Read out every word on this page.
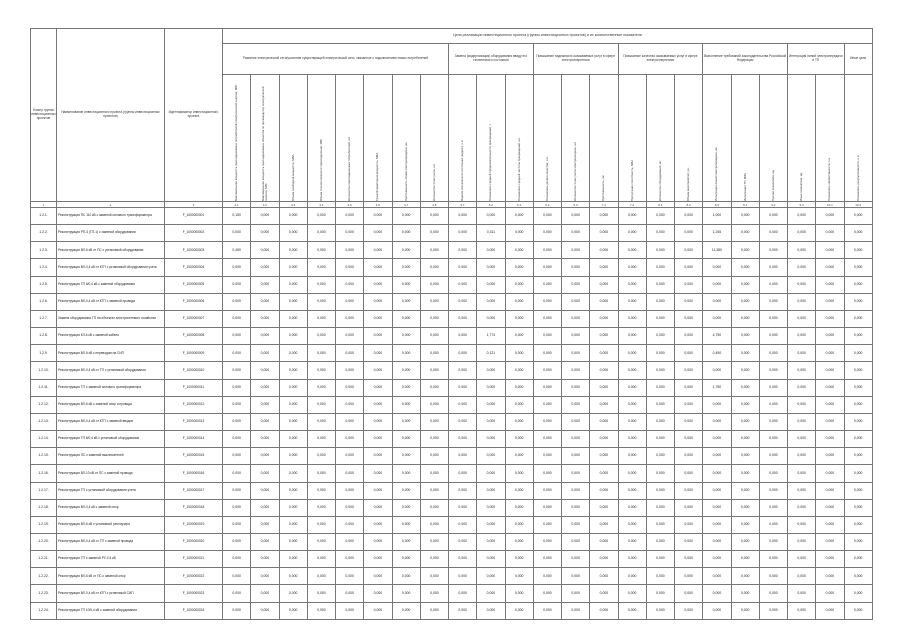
Номер группы инвестиционных проектов	Наименование инвестиционного проекта (группы инвестиционных проектов)	Идентификатор инвестиционного проекта	Цели реализации инвестиционного проекта (группы инвестиционных проектов) и их количественные показатели																						
			Развитие электрической сети/усиление существующей электрической сети, связанное с подключением новых потребителей								Замена (модернизация) оборудования ввиду его технического состояния			Повышение надежности оказываемых услуг в сфере электроэнергетики			Повышение качества оказываемых услуг в сфере электроэнергетики			Выполнение требований законодательства Российской Федерации			Интеграция линий электропередачи и ТП		Иные цели

			Максимальная мощность присоединяемых потребителей электрической энергии, МВт	Максимальная мощность присоединяемых объектов по производству электрической энергии, МВт	Объем свободной мощности, МВА	Объем технологического присоединения, МВт	Количество присоединяемых потребителей, шт.	Трансформаторная мощность, МВА	Протяженность линий электропередачи, км	Количество точек учета, шт.	Оценка технического состояния (индекс), о.е.	Показатель средней продолжительности прекращений, ч	Показатель средней частоты прекращений, шт.	Показатель уровня качества, о.е.	Количество точек учета электроэнергии, шт.	Протяженность, км	Пропускная способность, МВА	Количество оборудования, шт.	Объем мероприятий, у.е.	Интеграция линий электропередачи, км	Интеграция ТП, МВА	Прочие показатели, ед.	Иные показатели, ед.	Показатель эффективности, о.е.	Показатель результативности, о.е.

1	2	3	4.1	4.2	4.3	4.4	4.5	4.6	4.7	4.8	5.1	5.2	6.1	6.2	6.3	7.1	7.2	8.1	8.2	8.3	9.1	9.2	9.3	10.1	10.2
1.2.1.	Реконструкция ПС 110 кВ с заменой силового трансформатора	F_1000000001	0,150	0,000	0,000	0,000	0,000	0,000	0,000	0,000	0,000	0,000	0,000	0,000	0,000	0,000	0,000	0,000	0,000	1,000	0,000	0,000	0,000	0,000	0,000
1.2.2.	Реконструкция РП-4 (ТП-1) с заменой оборудования	F_1000000002	0,000	0,000	0,000	0,000	0,000	0,000	0,000	0,000	0,000	0,311	0,000	0,000	0,000	0,000	0,000	0,000	0,000	1,245	0,000	0,000	0,000	0,000	0,000
1.2.3.	Реконструкция ВЛ-6 кВ от ПС с установкой оборудования	F_1000000003	0,450	0,000	0,000	0,000	0,000	0,000	0,000	0,000	0,000	0,000	0,000	0,000	0,000	0,000	0,000	0,000	0,000	11,380	0,000	0,000	0,000	0,000	0,000
1.2.4.	Реконструкция ВЛ-0,4 кВ от КТП с установкой оборудования учета	F_1000000004	0,000	0,000	0,000	0,000	0,000	0,000	0,000	0,000	0,000	0,000	0,000	0,000	0,000	0,000	0,000	0,000	0,000	0,000	0,000	0,000	0,000	0,000	0,000
1.2.5.	Реконструкция ТП 6/0,4 кВ с заменой оборудования	F_1000000005	0,000	0,000	0,000	0,000	0,000	0,000	0,000	0,000	0,000	0,000	0,000	0,000	0,000	0,000	0,000	0,000	0,000	0,000	0,000	0,000	0,000	0,000	0,000
1.2.6.	Реконструкция ВЛ-0,4 кВ от КТП с заменой провода	F_1000000006	0,000	0,000	0,000	0,000	0,000	0,000	0,000	0,000	0,000	0,000	0,000	0,000	0,000	0,000	0,000	0,000	0,000	0,000	0,000	0,000	0,000	0,000	0,000
1.2.7.	Замена оборудования ТП на объектах электросетевого хозяйства	F_1000000007	0,000	0,000	0,000	0,000	0,000	0,000	0,000	0,000	0,000	0,000	0,000	0,000	0,000	0,000	0,000	0,000	0,000	0,000	0,000	0,000	0,000	0,000	0,000
1.2.8.	Реконструкция КЛ-6 кВ с заменой кабеля	F_1000000008	0,000	0,000	0,000	0,000	0,000	0,000	0,000	0,000	0,000	1,774	0,000	0,000	0,000	0,000	0,000	0,000	0,000	4,750	0,000	0,000	0,000	0,000	0,000
1.2.9.	Реконструкция ВЛ-6 кВ с переводом на СИП	F_1000000009	0,000	0,000	0,000	0,000	0,000	0,000	0,000	0,000	0,000	0,121	0,000	0,000	0,000	0,000	0,000	0,000	0,000	0,450	0,000	0,000	0,000	0,000	0,000
1.2.10.	Реконструкция ВЛ-0,4 кВ от ТП с установкой оборудования	F_1000000010	0,000	0,000	0,000	0,000	0,000	0,000	0,000	0,000	0,000	0,000	0,000	0,000	0,000	0,000	0,000	0,000	0,000	0,000	0,000	0,000	0,000	0,000	0,000
1.2.11.	Реконструкция ТП с заменой силового трансформатора	F_1000000011	0,000	0,000	0,000	0,000	0,000	0,000	0,000	0,000	0,000	0,000	0,000	0,000	0,000	0,000	0,000	0,000	0,000	1,750	0,000	0,000	0,000	0,000	0,000
1.2.12.	Реконструкция ВЛ-6 кВ с заменой опор и провода	F_1000000012	0,000	0,000	0,000	0,000	0,000	0,000	0,000	0,000	0,000	0,000	0,000	0,000	0,000	0,000	0,000	0,000	0,000	0,000	0,000	0,000	0,000	0,000	0,000
1.2.13.	Реконструкция ВЛ-0,4 кВ от КТП с заменой вводов	F_1000000013	0,000	0,000	0,000	0,000	0,000	0,000	0,000	0,000	0,000	0,000	0,000	0,000	0,000	0,000	0,000	0,000	0,000	0,000	0,000	0,000	0,000	0,000	0,000
1.2.14.	Реконструкция ТП 6/0,4 кВ с установкой оборудования	F_1000000014	0,000	0,000	0,000	0,000	0,000	0,000	0,000	0,000	0,000	0,000	0,000	0,000	0,000	0,000	0,000	0,000	0,000	0,000	0,000	0,000	0,000	0,000	0,000
1.2.15.	Реконструкция ПС с заменой выключателей	F_1000000015	0,000	0,000	0,000	0,000	0,000	0,000	0,000	0,000	0,000	0,000	0,000	0,000	0,000	0,000	0,000	0,000	0,000	0,000	0,000	0,000	0,000	0,000	0,000
1.2.16.	Реконструкция ВЛ-10 кВ от ПС с заменой провода	F_1000000016	0,000	0,000	0,000	0,000	0,000	0,000	0,000	0,000	0,000	0,000	0,000	0,000	0,000	0,000	0,000	0,000	0,000	0,000	0,000	0,000	0,000	0,000	0,000
1.2.17.	Реконструкция ТП с установкой оборудования учета	F_1000000017	0,000	0,000	0,000	0,000	0,000	0,000	0,000	0,000	0,000	0,000	0,000	0,000	0,000	0,000	0,000	0,000	0,000	0,000	0,000	0,000	0,000	0,000	0,000
1.2.18.	Реконструкция ВЛ-0,4 кВ с заменой опор	F_1000000018	0,000	0,000	0,000	0,000	0,000	0,000	0,000	0,000	0,000	0,000	0,000	0,000	0,000	0,000	0,000	0,000	0,000	0,000	0,000	0,000	0,000	0,000	0,000
1.2.19.	Реконструкция ВЛ-6 кВ с установкой реклоузера	F_1000000019	0,000	0,000	0,000	0,000	0,000	0,000	0,000	0,000	0,000	0,000	0,000	0,000	0,000	0,000	0,000	0,000	0,000	0,000	0,000	0,000	0,000	0,000	0,000
1.2.20.	Реконструкция ВЛ-0,4 кВ от ТП с заменой провода	F_1000000020	0,000	0,000	0,000	0,000	0,000	0,000	0,000	0,000	0,000	0,000	0,000	0,000	0,000	0,000	0,000	0,000	0,000	0,000	0,000	0,000	0,000	0,000	0,000
1.2.21.	Реконструкция ТП с заменой РУ-0,4 кВ	F_1000000021	0,000	0,000	0,000	0,000	0,000	0,000	0,000	0,000	0,000	0,000	0,000	0,000	0,000	0,000	0,000	0,000	0,000	0,000	0,000	0,000	0,000	0,000	0,000
1.2.22.	Реконструкция ВЛ-6 кВ от ПС с заменой опор	F_1000000022	0,000	0,000	0,000	0,000	0,000	0,000	0,000	0,000	0,000	0,000	0,000	0,000	0,000	0,000	0,000	0,000	0,000	0,000	0,000	0,000	0,000	0,000	0,000
1.2.23.	Реконструкция ВЛ-0,4 кВ от КТП с установкой СИП	F_1000000023	0,000	0,000	0,000	0,000	0,000	0,000	0,000	0,000	0,000	0,000	0,000	0,000	0,000	0,000	0,000	0,000	0,000	0,000	0,000	0,000	0,000	0,000	0,000
1.2.24.	Реконструкция ТП 10/0,4 кВ с заменой оборудования	F_1000000024	0,000	0,000	0,000	0,000	0,000	0,000	0,000	0,000	0,000	0,000	0,000	0,000	0,000	0,000	0,000	0,000	0,000	0,000	0,000	0,000	0,000	0,000	0,000
